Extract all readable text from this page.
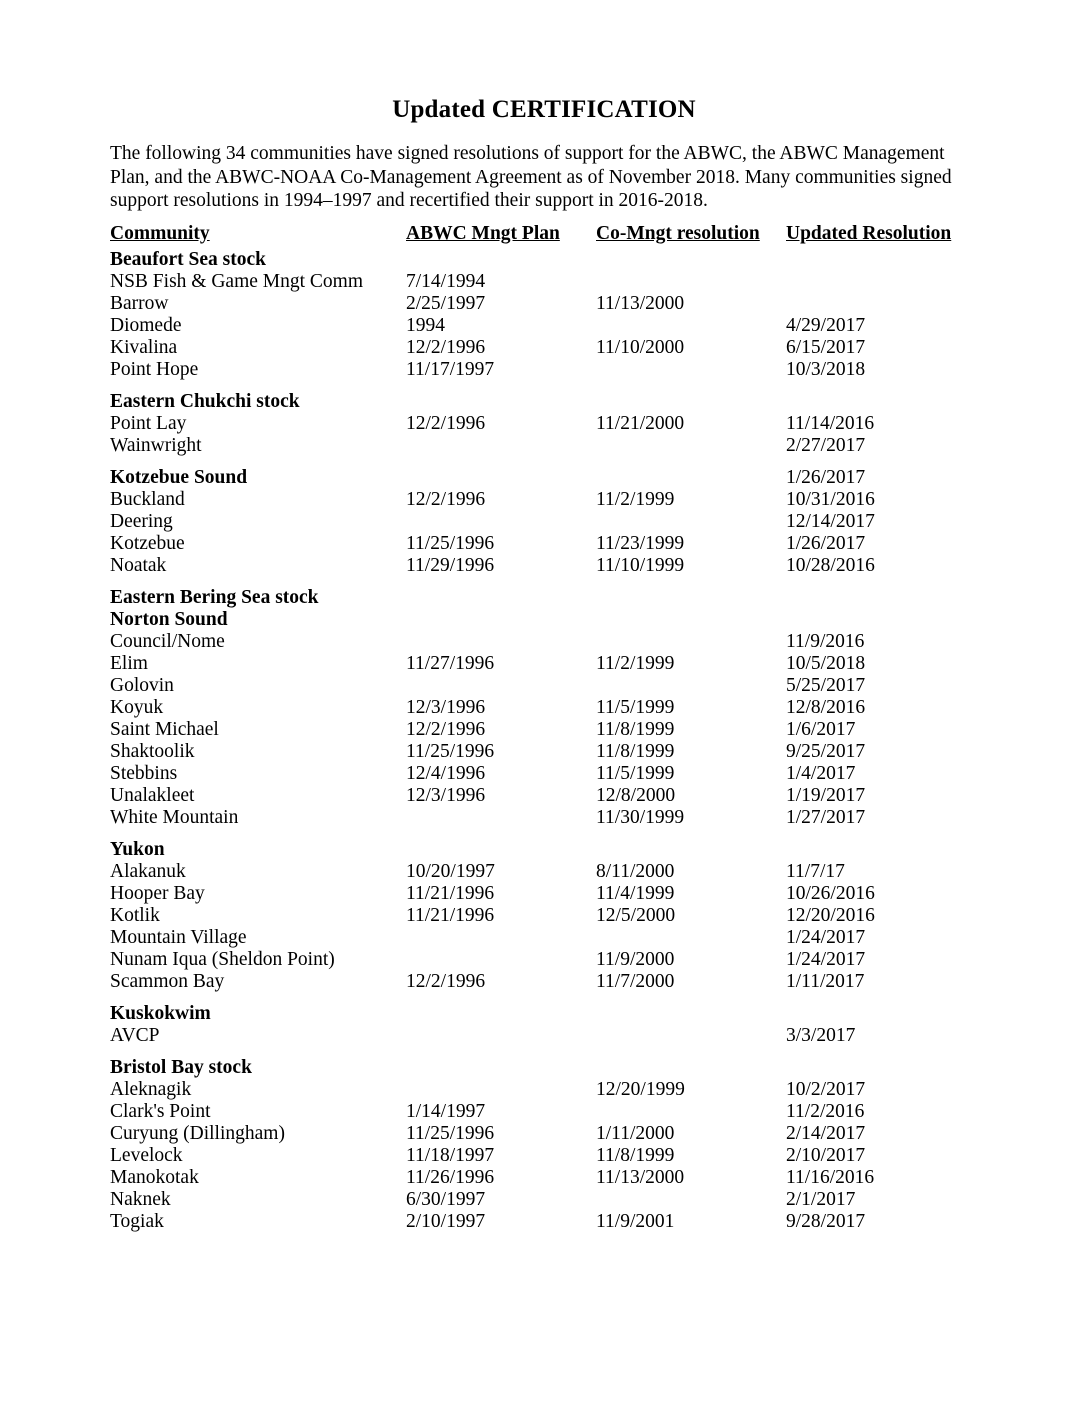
Updated CERTIFICATION

The following 34 communities have signed resolutions of support for the ABWC, the ABWC Management Plan, and the ABWC-NOAA Co-Management Agreement as of November 2018. Many communities signed support resolutions in 1994–1997 and recertified their support in 2016-2018.

Community	ABWC Mngt Plan	Co-Mngt resolution	Updated Resolution
Beaufort Sea stock			
NSB Fish & Game Mngt Comm	7/14/1994		
Barrow	2/25/1997	11/13/2000	
Diomede	1994		4/29/2017
Kivalina	12/2/1996	11/10/2000	6/15/2017
Point Hope	11/17/1997		10/3/2018
Eastern Chukchi stock			
Point Lay	12/2/1996	11/21/2000	11/14/2016
Wainwright			2/27/2017
Kotzebue Sound			1/26/2017
Buckland	12/2/1996	11/2/1999	10/31/2016
Deering			12/14/2017
Kotzebue	11/25/1996	11/23/1999	1/26/2017
Noatak	11/29/1996	11/10/1999	10/28/2016
Eastern Bering Sea stock			
Norton Sound			
Council/Nome			11/9/2016
Elim	11/27/1996	11/2/1999	10/5/2018
Golovin			5/25/2017
Koyuk	12/3/1996	11/5/1999	12/8/2016
Saint Michael	12/2/1996	11/8/1999	1/6/2017
Shaktoolik	11/25/1996	11/8/1999	9/25/2017
Stebbins	12/4/1996	11/5/1999	1/4/2017
Unalakleet	12/3/1996	12/8/2000	1/19/2017
White Mountain		11/30/1999	1/27/2017
Yukon			
Alakanuk	10/20/1997	8/11/2000	11/7/17
Hooper Bay	11/21/1996	11/4/1999	10/26/2016
Kotlik	11/21/1996	12/5/2000	12/20/2016
Mountain Village			1/24/2017
Nunam Iqua (Sheldon Point)		11/9/2000	1/24/2017
Scammon Bay	12/2/1996	11/7/2000	1/11/2017
Kuskokwim			
AVCP			3/3/2017
Bristol Bay stock			
Aleknagik		12/20/1999	10/2/2017
Clark's Point	1/14/1997		11/2/2016
Curyung (Dillingham)	11/25/1996	1/11/2000	2/14/2017
Levelock	11/18/1997	11/8/1999	2/10/2017
Manokotak	11/26/1996	11/13/2000	11/16/2016
Naknek	6/30/1997		2/1/2017
Togiak	2/10/1997	11/9/2001	9/28/2017
